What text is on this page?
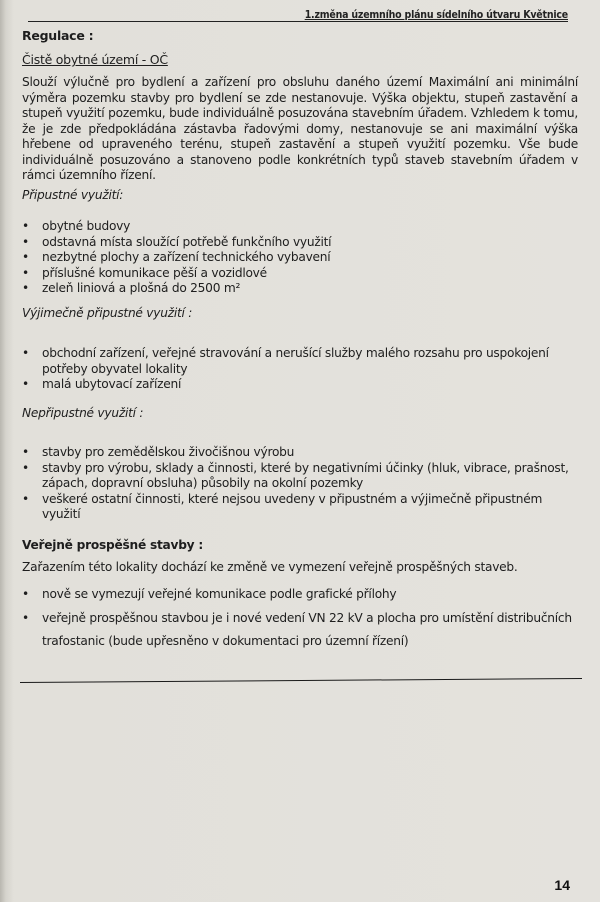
1.změna územního plánu sídelního útvaru Květnice
Regulace :
Čistě obytné území - OČ
Slouží výlučně pro bydlení a zařízení pro obsluhu daného území Maximální ani minimální výměra pozemku stavby pro bydlení se zde nestanovuje. Výška objektu, stupeň zastavění a stupeň využití pozemku, bude individuálně posuzována stavebním úřadem. Vzhledem k tomu, že je zde předpokládána zástavba řadovými domy, nestanovuje se ani maximální výška hřebene od upraveného terénu, stupeň zastavění a stupeň využití pozemku. Vše bude individuálně posuzováno a stanoveno podle konkrétních typů staveb stavebním úřadem v rámci územního řízení.
Připustné využití:
• obytné budovy
• odstavná místa sloužící potřebě funkčního využití
• nezbytné plochy a zařízení technického vybavení
• příslušné komunikace pěší a vozidlové
• zeleň liniová a plošná do 2500 m²
Výjimečně připustné využití :
• obchodní zařízení, veřejné stravování a nerušící služby malého rozsahu pro uspokojení potřeby obyvatel lokality
• malá ubytovací zařízení
Nepřipustné využití :
• stavby pro zemědělskou živočišnou výrobu
• stavby pro výrobu, sklady a činnosti, které by negativními účinky (hluk, vibrace, prašnost, zápach, dopravní obsluha) působily na okolní pozemky
• veškeré ostatní činnosti, které nejsou uvedeny v připustném a výjimečně připustném využití
Veřejně prospěšné stavby :
Zařazením této lokality dochází ke změně ve vymezení veřejně prospěšných staveb.
• nově se vymezují veřejné komunikace podle grafické přílohy
• veřejně prospěšnou stavbou je i nové vedení VN 22 kV a plocha pro umístění distribučních trafostanic (bude upřesněno v dokumentaci pro územní řízení)
14
